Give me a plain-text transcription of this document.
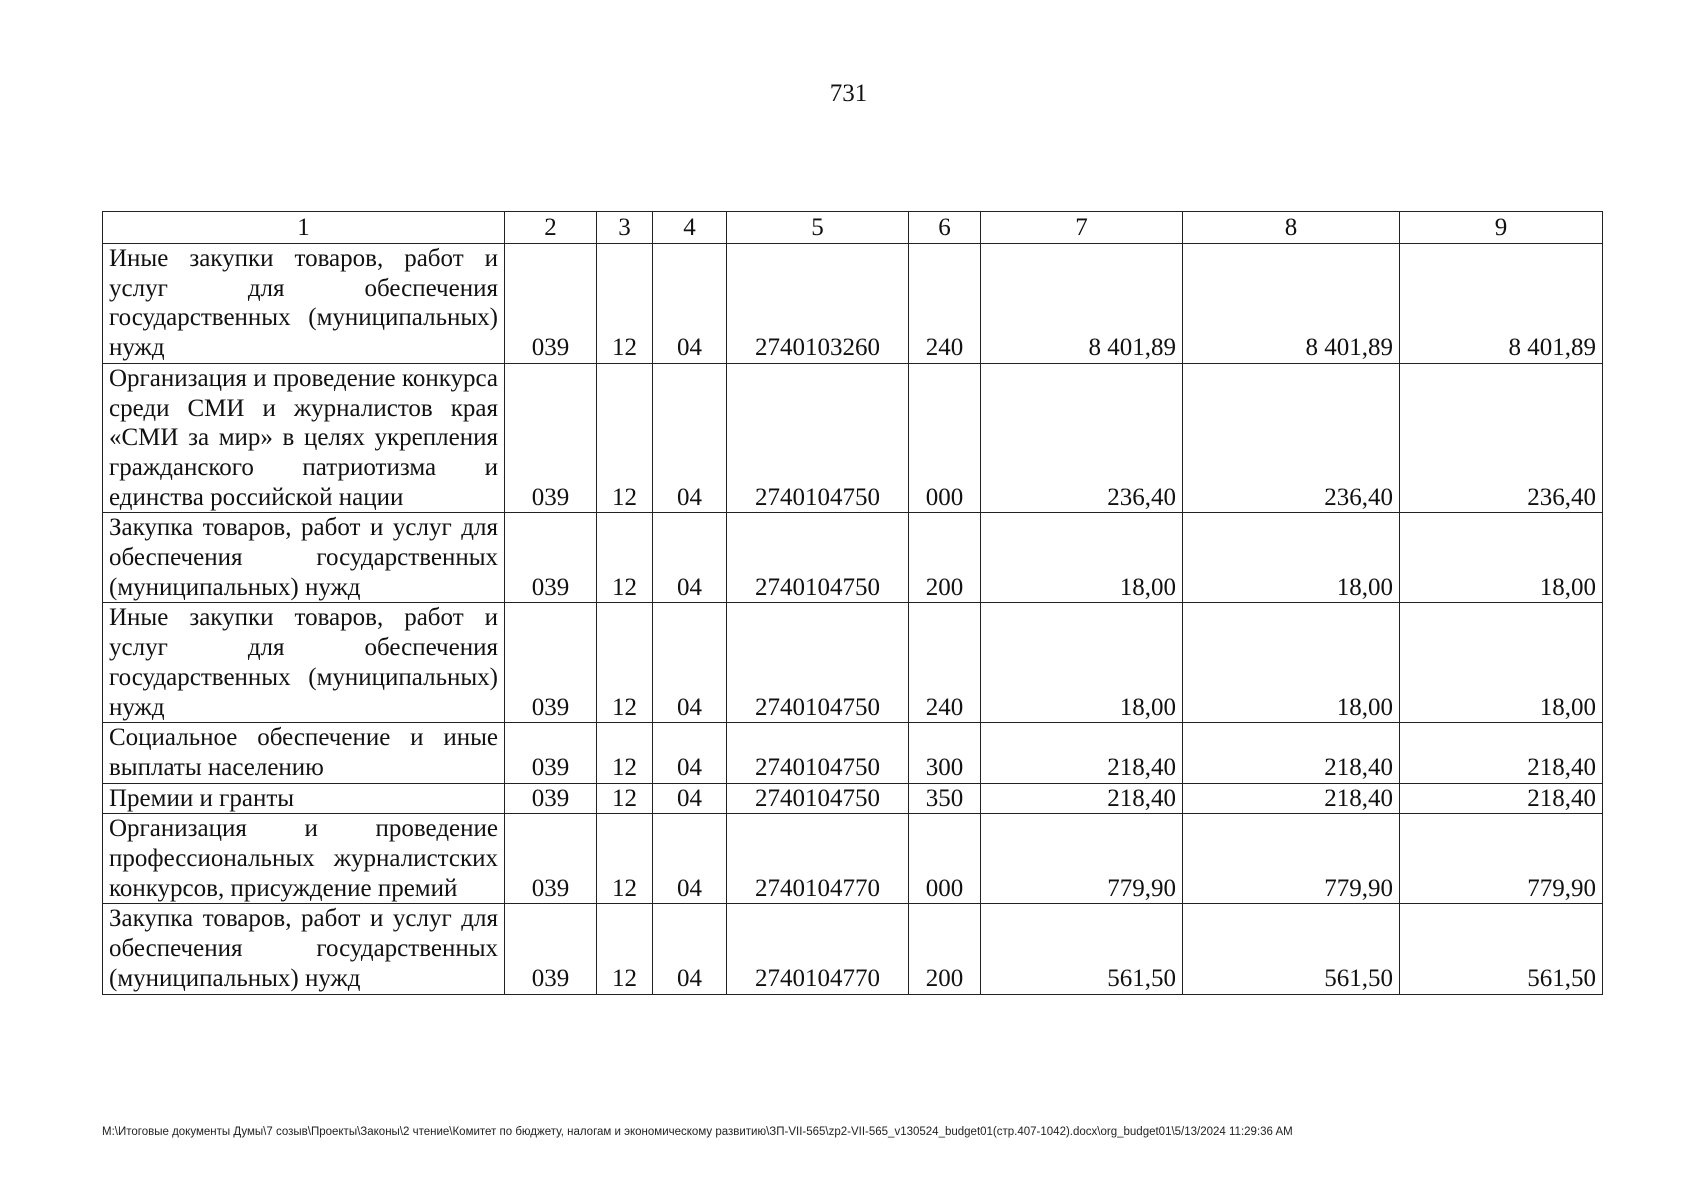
731
1	2	3	4	5	6	7	8	9
Иные закупки товаров, работ и услуг для обеспечения государственных (муниципальных) нужд	039	12	04	2740103260	240	8 401,89	8 401,89	8 401,89
Организация и проведение конкурса среди СМИ и журналистов края «СМИ за мир» в целях укрепления гражданского патриотизма и единства российской нации	039	12	04	2740104750	000	236,40	236,40	236,40
Закупка товаров, работ и услуг для обеспечения государственных (муниципальных) нужд	039	12	04	2740104750	200	18,00	18,00	18,00
Иные закупки товаров, работ и услуг для обеспечения государственных (муниципальных) нужд	039	12	04	2740104750	240	18,00	18,00	18,00
Социальное обеспечение и иные выплаты населению	039	12	04	2740104750	300	218,40	218,40	218,40
Премии и гранты	039	12	04	2740104750	350	218,40	218,40	218,40
Организация и проведение профессиональных журналистских конкурсов, присуждение премий	039	12	04	2740104770	000	779,90	779,90	779,90
Закупка товаров, работ и услуг для обеспечения государственных (муниципальных) нужд	039	12	04	2740104770	200	561,50	561,50	561,50
M:\Итоговые документы Думы\7 созыв\Проекты\Законы\2 чтение\Комитет по бюджету, налогам и экономическому развитию\ЗП-VII-565\zp2-VII-565_v130524_budget01(стр.407-1042).docx\org_budget01\5/13/2024 11:29:36 AM
